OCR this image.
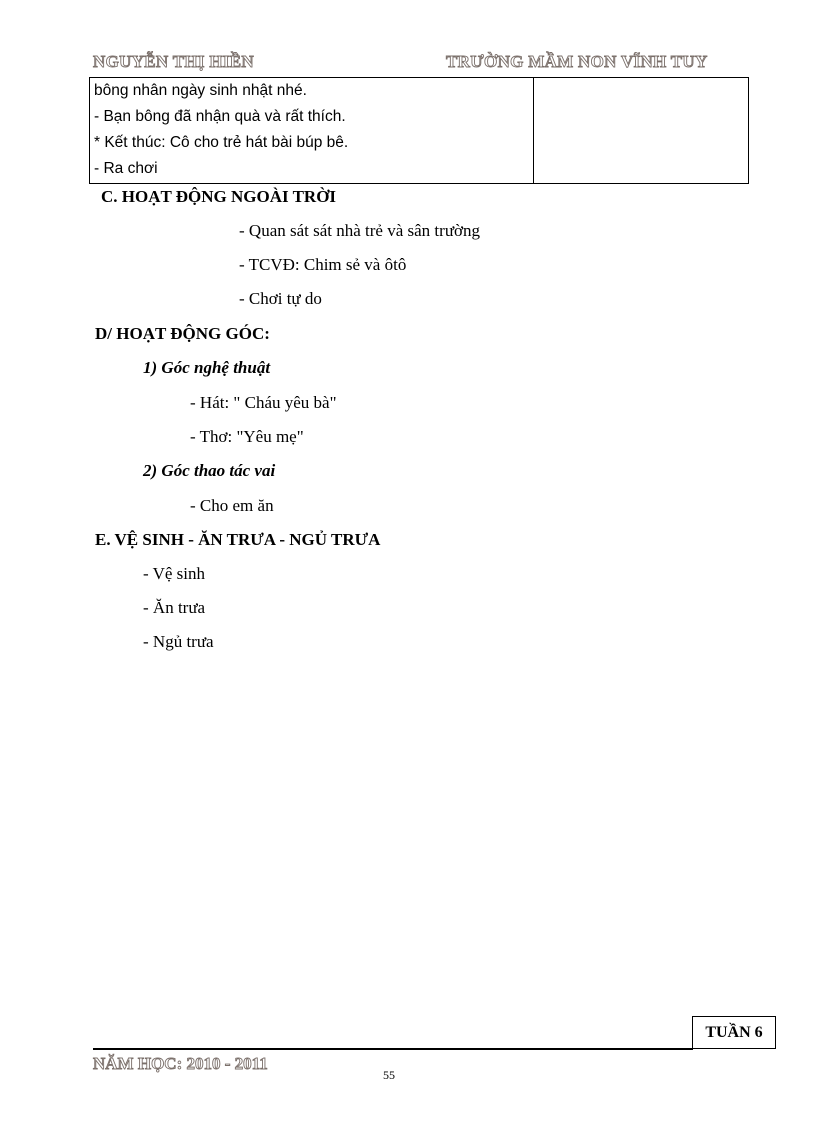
NGUYỄN THỊ HIỀN	TRƯỜNG MẦM NON VĨNH TUY
bông nhân ngày sinh nhật nhé.
- Bạn bông đã nhận quà và rất thích.
* Kết thúc: Cô cho trẻ hát bài búp bê.
- Ra chơi
C. HOẠT ĐỘNG NGOÀI TRỜI
- Quan sát sát nhà trẻ và sân trường
- TCVĐ: Chim sẻ và ôtô
- Chơi tự do
D/ HOẠT ĐỘNG GÓC:
1) Góc nghệ thuật
- Hát: " Cháu yêu bà"
- Thơ: "Yêu mẹ"
2) Góc thao tác vai
- Cho em ăn
E. VỆ SINH - ĂN TRƯA - NGỦ TRƯA
- Vệ sinh
- Ăn trưa
- Ngủ trưa
TUẦN 6
NĂM HỌC: 2010 - 2011
55
